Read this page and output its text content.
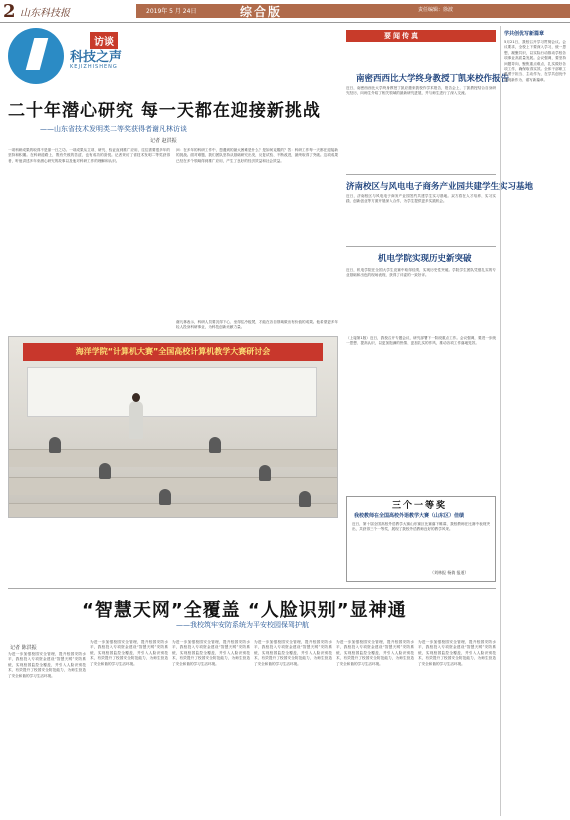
2 山东科技报	2019年 5 月 24日	综合版	责任编辑：徐波
访谈
科技之声
KEJIZHISHENG
二十年潜心研究 每一天都在迎接新挑战
——山东省技术发明类二等奖获得者谢凡林访谈
记者 赵洪振
一项科研成果的取得不是靠一日之功。一项成果从立项、研究、验证直到推广应用，往往需要很多年的坚持和积累。在科研道路上，既有失败的苦涩，也有成功的喜悦。记者采访了省技术发明二等奖获得者，听他讲述多年来潜心研究的故事以及他对科研工作的理解和认识。
问：在多年的科研工作中，您遇到的最大困难是什么？是如何克服的？答：科研工作每一天都在迎接新的挑战。面对难题，我们团队坚持从基础研究出发，反复试验、不断改进，最终取得了突破。这项成果已经在多个领域得到推广应用，产生了良好的经济效益和社会效益。
海洋学院“计算机大赛”全国高校计算机教学大赛研讨会
谢凡林表示，科研人员要沉得下心、坐得住冷板凳，才能在各自领域做出有价值的成果。他希望更多年轻人投身科研事业，为科技创新贡献力量。
要闻传真
南密西西比大学终身教授丁凯来校作报告
近日，南密西西比大学终身教授丁凯应邀来我校作学术报告，报告会上，丁凯教授结合自身研究经历，向师生介绍了相关领域的最新研究进展，并与师生进行了深入交流。
济南校区与风电电子商务产业园共建学生实习基地
近日，济南校区与风电电子商务产业园签约共建学生实习基地。双方将在人才培养、实习实践、创新创业等方面开展深入合作，为学生提供更多实践机会。
机电学院实现历史新突破
近日，机电学院在全国大学生竞赛中取得佳绩，实现历史性突破。学院学生团队凭借扎实的专业基础和出色的现场表现，获得了评委的一致好评。
（上接第1版）近日，我校召开专题会议，研究部署下一阶段重点工作。会议强调，要进一步统一思想、提高认识，以更加饱满的热情、更加扎实的作风，推动各项工作落地见效。
三个一等奖
我校教师在全国高校外语教学大赛（山东区）佳绩
近日，第十届全国高校外语教学大赛山东赛区比赛落下帷幕，我校教师在比赛中表现突出，共获得三个一等奖，展现了我校外语教师良好的教学风采。
（刘林报 杨倩 报道）
“智慧天网”全覆盖 “人脸识别”显神通
——我校筑牢安防系统为平安校园保驾护航
记者 陈洪振
为进一步加强校园安全管理，提升校园安防水平，我校投入专项资金建设“智慧天网”安防系统，实现校园监控全覆盖，并引入人脸识别技术，有效提升了校园安全防范能力，为师生营造了安全和谐的学习生活环境。
为进一步加强校园安全管理，提升校园安防水平，我校投入专项资金建设“智慧天网”安防系统，实现校园监控全覆盖，并引入人脸识别技术，有效提升了校园安全防范能力，为师生营造了安全和谐的学习生活环境。
为进一步加强校园安全管理，提升校园安防水平，我校投入专项资金建设“智慧天网”安防系统，实现校园监控全覆盖，并引入人脸识别技术，有效提升了校园安全防范能力，为师生营造了安全和谐的学习生活环境。
为进一步加强校园安全管理，提升校园安防水平，我校投入专项资金建设“智慧天网”安防系统，实现校园监控全覆盖，并引入人脸识别技术，有效提升了校园安全防范能力，为师生营造了安全和谐的学习生活环境。
为进一步加强校园安全管理，提升校园安防水平，我校投入专项资金建设“智慧天网”安防系统，实现校园监控全覆盖，并引入人脸识别技术，有效提升了校园安全防范能力，为师生营造了安全和谐的学习生活环境。
为进一步加强校园安全管理，提升校园安防水平，我校投入专项资金建设“智慧天网”安防系统，实现校园监控全覆盖，并引入人脸识别技术，有效提升了校园安全防范能力，为师生营造了安全和谐的学习生活环境。
学共创优写新篇章
5月21日，我校召开学习贯彻会议。会议要求，全校上下要深入学习，统一思想，凝聚共识，以实际行动推动学校各项事业高质量发展。会议强调，要坚持问题导向，聚焦重点难点，扎实做好各项工作，确保取得实效。全体干部职工要勇于担当、主动作为，在学共创优中展现新作为、谱写新篇章。
